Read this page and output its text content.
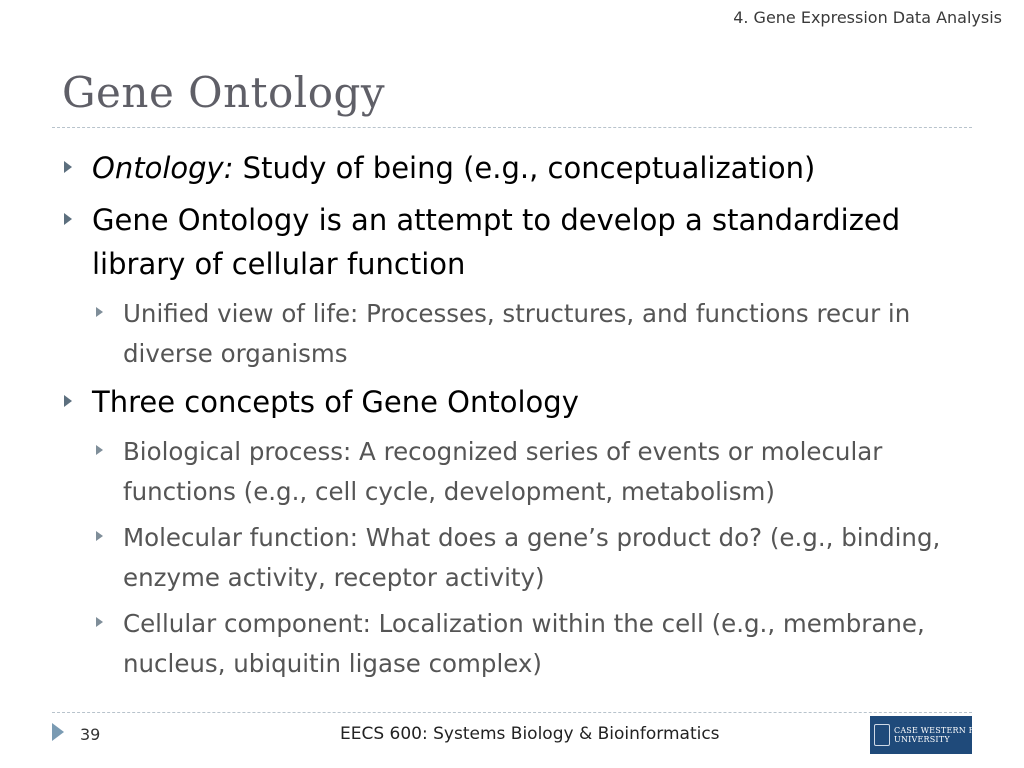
4. Gene Expression Data Analysis
Gene Ontology
Ontology: Study of being (e.g., conceptualization)
Gene Ontology is an attempt to develop a standardized library of cellular function
Unified view of life: Processes, structures, and functions recur in diverse organisms
Three concepts of Gene Ontology
Biological process: A recognized series of events or molecular functions (e.g., cell cycle, development, metabolism)
Molecular function: What does a gene’s product do? (e.g., binding, enzyme activity, receptor activity)
Cellular component: Localization within the cell (e.g., membrane, nucleus, ubiquitin ligase complex)
39	EECS 600: Systems Biology & Bioinformatics	CASE WESTERN RESERVE
UNIVERSITY
